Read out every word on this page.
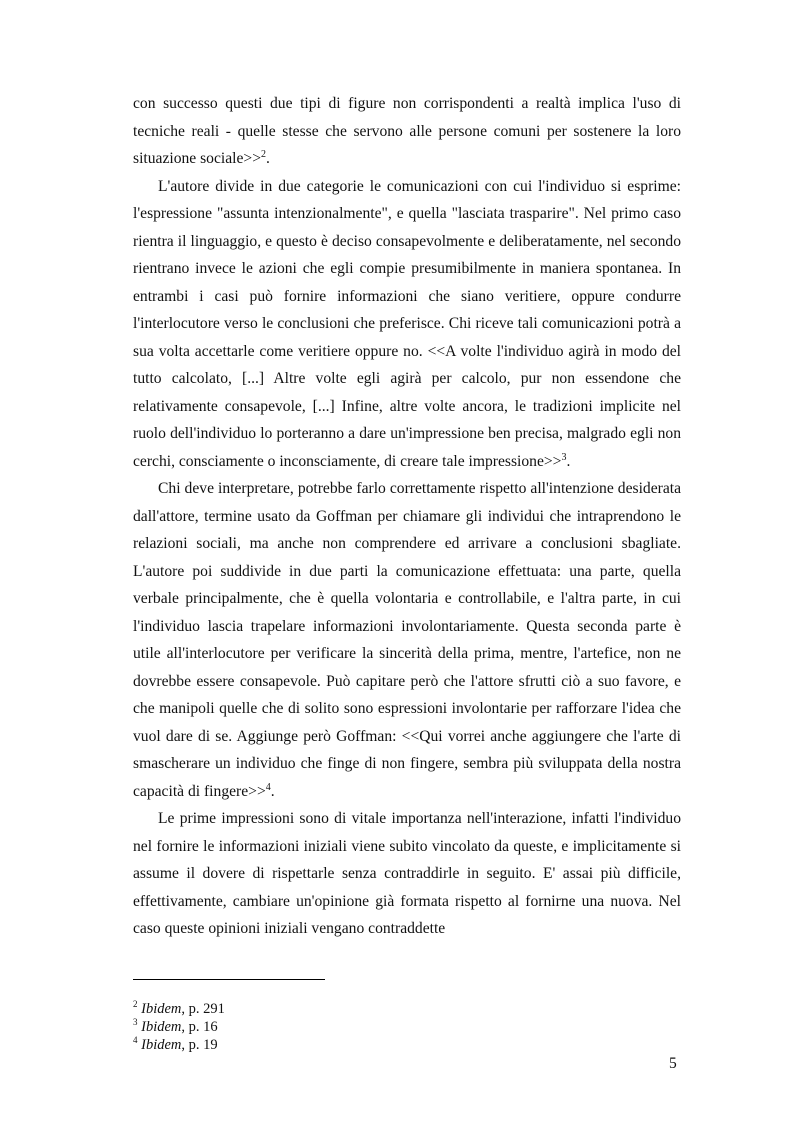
con successo questi due tipi di figure non corrispondenti a realtà implica l'uso di tecniche reali - quelle stesse che servono alle persone comuni per sostenere la loro situazione sociale>>$^2$.

L'autore divide in due categorie le comunicazioni con cui l'individuo si esprime: l'espressione "assunta intenzionalmente", e quella "lasciata trasparire". Nel primo caso rientra il linguaggio, e questo è deciso consapevolmente e deliberatamente, nel secondo rientrano invece le azioni che egli compie presumibilmente in maniera spontanea. In entrambi i casi può fornire informazioni che siano veritiere, oppure condurre l'interlocutore verso le conclusioni che preferisce. Chi riceve tali comunicazioni potrà a sua volta accettarle come veritiere oppure no. <<A volte l'individuo agirà in modo del tutto calcolato, [...] Altre volte egli agirà per calcolo, pur non essendone che relativamente consapevole, [...] Infine, altre volte ancora, le tradizioni implicite nel ruolo dell'individuo lo porteranno a dare un'impressione ben precisa, malgrado egli non cerchi, consciamente o inconsciamente, di creare tale impressione>>$^3$.

Chi deve interpretare, potrebbe farlo correttamente rispetto all'intenzione desiderata dall'attore, termine usato da Goffman per chiamare gli individui che intraprendono le relazioni sociali, ma anche non comprendere ed arrivare a conclusioni sbagliate. L'autore poi suddivide in due parti la comunicazione effettuata: una parte, quella verbale principalmente, che è quella volontaria e controllabile, e l'altra parte, in cui l'individuo lascia trapelare informazioni involontariamente. Questa seconda parte è utile all'interlocutore per verificare la sincerità della prima, mentre, l'artefice, non ne dovrebbe essere consapevole. Può capitare però che l'attore sfrutti ciò a suo favore, e che manipoli quelle che di solito sono espressioni involontarie per rafforzare l'idea che vuol dare di se. Aggiunge però Goffman: <<Qui vorrei anche aggiungere che l'arte di smascherare un individuo che finge di non fingere, sembra più sviluppata della nostra capacità di fingere>>$^4$.

Le prime impressioni sono di vitale importanza nell'interazione, infatti l'individuo nel fornire le informazioni iniziali viene subito vincolato da queste, e implicitamente si assume il dovere di rispettarle senza contraddirle in seguito. E' assai più difficile, effettivamente, cambiare un'opinione già formata rispetto al fornirne una nuova. Nel caso queste opinioni iniziali vengano contraddette

$^2$ Ibidem, p. 291

$^3$ Ibidem, p. 16

$^4$ Ibidem, p. 19

5
